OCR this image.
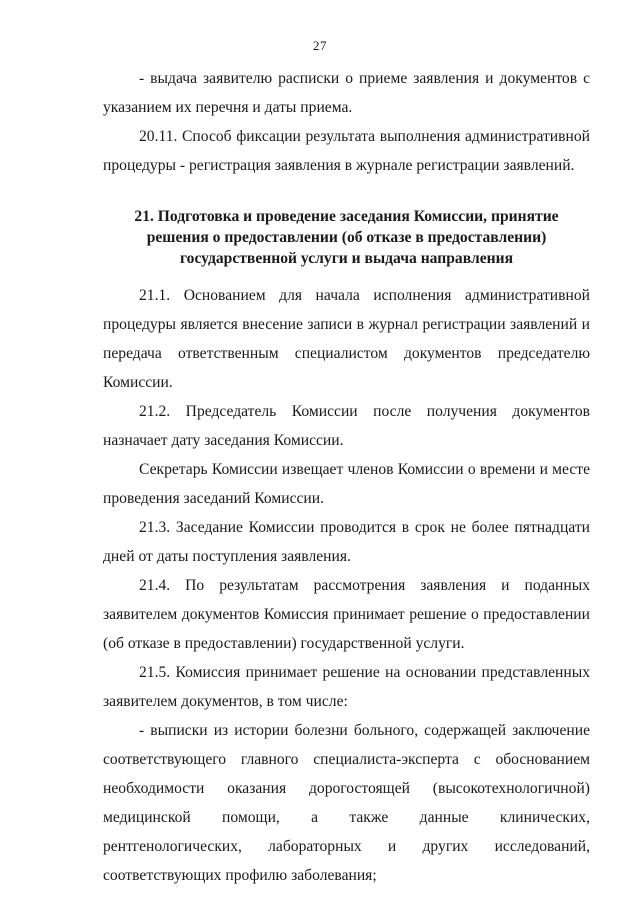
27

- выдача заявителю расписки о приеме заявления и документов с указанием их перечня и даты приема.

20.11. Способ фиксации результата выполнения административной процедуры - регистрация заявления в журнале регистрации заявлений.

21. Подготовка и проведение заседания Комиссии, принятие решения о предоставлении (об отказе в предоставлении) государственной услуги и выдача направления

21.1. Основанием для начала исполнения административной процедуры является внесение записи в журнал регистрации заявлений и передача ответственным специалистом документов председателю Комиссии.

21.2. Председатель Комиссии после получения документов назначает дату заседания Комиссии.

Секретарь Комиссии извещает членов Комиссии о времени и месте проведения заседаний Комиссии.

21.3. Заседание Комиссии проводится в срок не более пятнадцати дней от даты поступления заявления.

21.4. По результатам рассмотрения заявления и поданных заявителем документов Комиссия принимает решение о предоставлении (об отказе в предоставлении) государственной услуги.

21.5. Комиссия принимает решение на основании представленных заявителем документов, в том числе:

- выписки из истории болезни больного, содержащей заключение соответствующего главного специалиста-эксперта с обоснованием необходимости оказания дорогостоящей (высокотехнологичной) медицинской помощи, а также данные клинических, рентгенологических, лабораторных и других исследований, соответствующих профилю заболевания;
